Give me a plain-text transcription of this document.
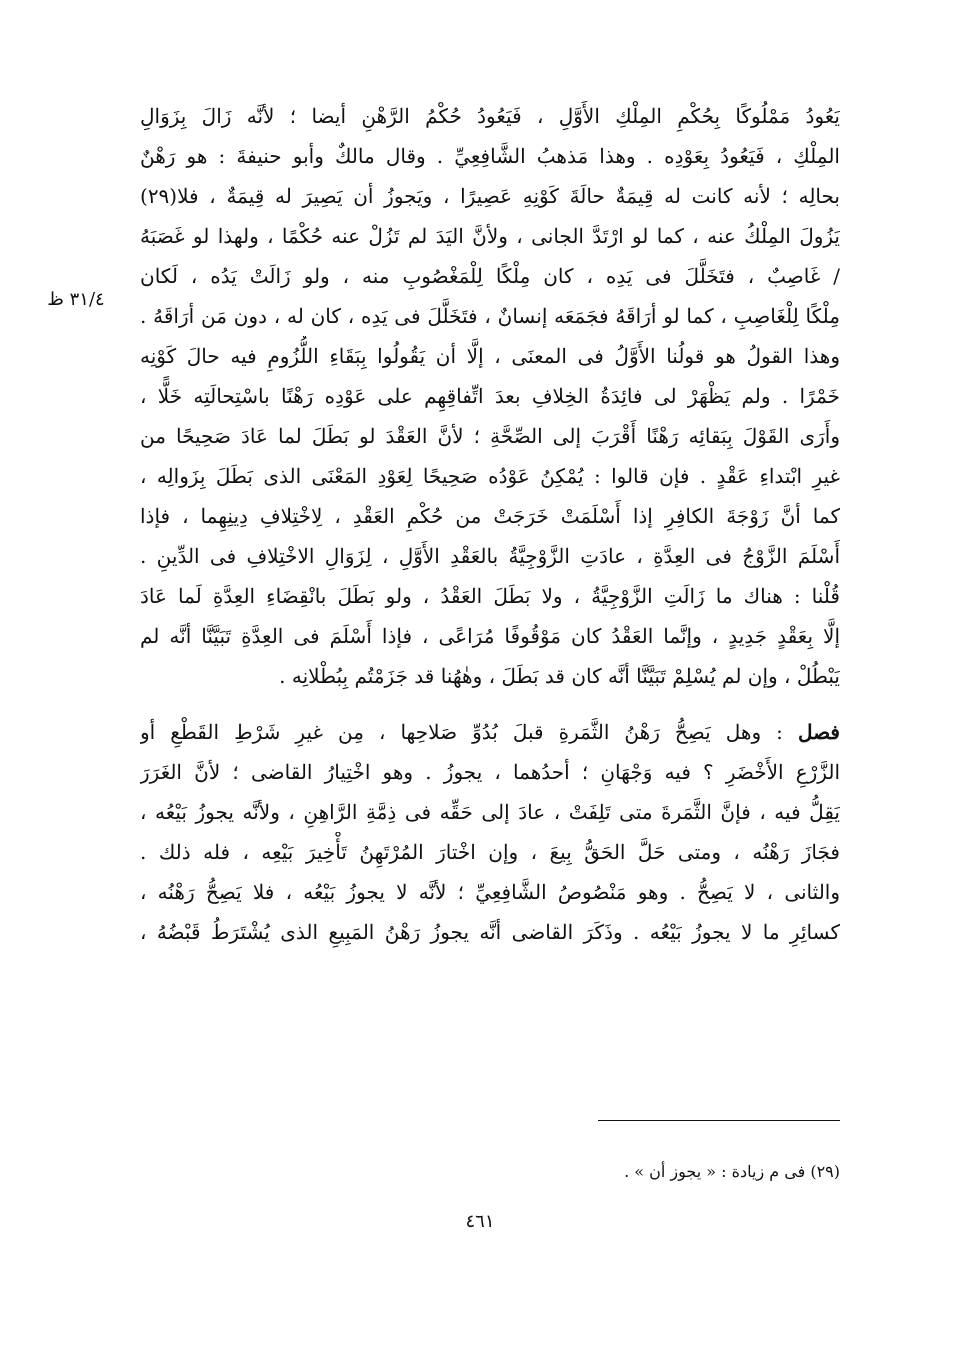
٣١/٤ ظ
يَعُودُ مَمْلُوكًا بِحُكْمِ المِلْكِ الأَوَّلِ ، فَيَعُودُ حُكْمُ الرَّهْنِ أيضا ؛ لأنَّه زَالَ بِزَوَالِ
المِلْكِ ، فَيَعُودُ بِعَوْدِه . وهذا مَذهبُ الشَّافِعِيِّ . وقال مالكٌ وأبو حنيفةَ : هو رَهْنٌ
بحالِه ؛ لأنه كانت له قِيمَةٌ حالَةَ كَوْنِهِ عَصِيرًا ، ويَجوزُ أن يَصِيرَ له قِيمَةٌ ، فلا(٢٩)
يَزُولَ المِلْكُ عنه ، كما لو ارْتَدَّ الجانى ، ولأنَّ اليَدَ لم تَزُلْ عنه حُكْمًا ، ولهذا لو غَصَبَهُ
/ غَاصِبٌ ، فتَخَلَّلَ فى يَدِه ، كان مِلْكًا لِلْمَغْصُوبِ منه ، ولو زَالَتْ يَدُه ، لَكان
مِلْكًا لِلْغَاصِبِ ، كما لو أرَاقَهُ فجَمَعَه إنسانٌ ، فتَخَلَّلَ فى يَدِه ، كان له ، دون مَن أرَاقَهُ .
وهذا القولُ هو قولُنا الأَوَّلُ فى المعنَى ، إلَّا أن يَقُولُوا بِبَقَاءِ اللُّزُومِ فيه حالَ كَوْنِه
خَمْرًا . ولم يَظْهَرْ لى فائِدَةُ الخِلافِ بعدَ اتِّفاقِهِم على عَوْدِه رَهْنًا باسْتِحالَتِه خَلًّا ،
وأَرَى القَوْلَ بِبَقائِه رَهْنًا أَقْرَبَ إلى الصِّحَّةِ ؛ لأنَّ العَقْدَ لو بَطَلَ لما عَادَ صَحِيحًا من
غيرِ ابْتداءِ عَقْدٍ . فإن قالوا : يُمْكِنُ عَوْدُه صَحِيحًا لِعَوْدِ المَعْنَى الذى بَطَلَ بِزَوالِه ،
كما أنَّ زَوْجَةَ الكافِرِ إذا أَسْلَمَتْ خَرَجَتْ من حُكْمِ العَقْدِ ، لِاخْتِلافِ دِينِهِما ، فإذا
أَسْلَمَ الزَّوْجُ فى العِدَّةِ ، عادَتِ الزَّوْجِيَّةُ بالعَقْدِ الأَوَّلِ ، لِزَوَالِ الاخْتِلافِ فى الدِّينِ .
قُلْنا : هناك ما زَالَتِ الزَّوْجِيَّةُ ، ولا بَطَلَ العَقْدُ ، ولو بَطَلَ بانْقِضَاءِ العِدَّةِ لَما عَادَ
إلَّا بِعَقْدٍ جَدِيدٍ ، وإنَّما العَقْدُ كان مَوْقُوفًا مُرَاعًى ، فإذا أَسْلَمَ فى العِدَّةِ تَبَيَّنَّا أنَّه لم
يَبْطُلْ ، وإن لم يُسْلِمْ تَبَيَّنَّا أنَّه كان قد بَطَلَ ، وهٰهُنا قد جَزَمْتُم بِبُطْلانِه .
فصل : وهل يَصِحُّ رَهْنُ الثَّمَرةِ قبلَ بُدُوِّ صَلاحِها ، مِن غيرِ شَرْطِ القَطْعِ أو
الزَّرْعِ الأَخْضَرِ ؟ فيه وَجْهَانِ ؛ أحدُهما ، يجوزُ . وهو اخْتِيارُ القاضى ؛ لأنَّ الغَرَرَ
يَقِلُّ فيه ، فإنَّ الثَّمَرةَ متى تَلِفَتْ ، عادَ إلى حَقِّه فى ذِمَّةِ الرَّاهِنِ ، ولأنَّه يجوزُ بَيْعُه ،
فجَازَ رَهْنُه ، ومتى حَلَّ الحَقُّ بِيعَ ، وإن اخْتارَ المُرْتَهِنُ تَأْخِيرَ بَيْعِه ، فله ذلك .
والثانى ، لا يَصِحُّ . وهو مَنْصُوصُ الشَّافِعِيِّ ؛ لأنَّه لا يجوزُ بَيْعُه ، فلا يَصِحُّ رَهْنُه ،
كسائِرِ ما لا يجوزُ بَيْعُه . وذَكَرَ القاضى أنَّه يجوزُ رَهْنُ المَبِيعِ الذى يُشْتَرَطُ قَبْضُهُ ،
(٢٩) فى م زيادة : « يجوز أن » .
٤٦١
